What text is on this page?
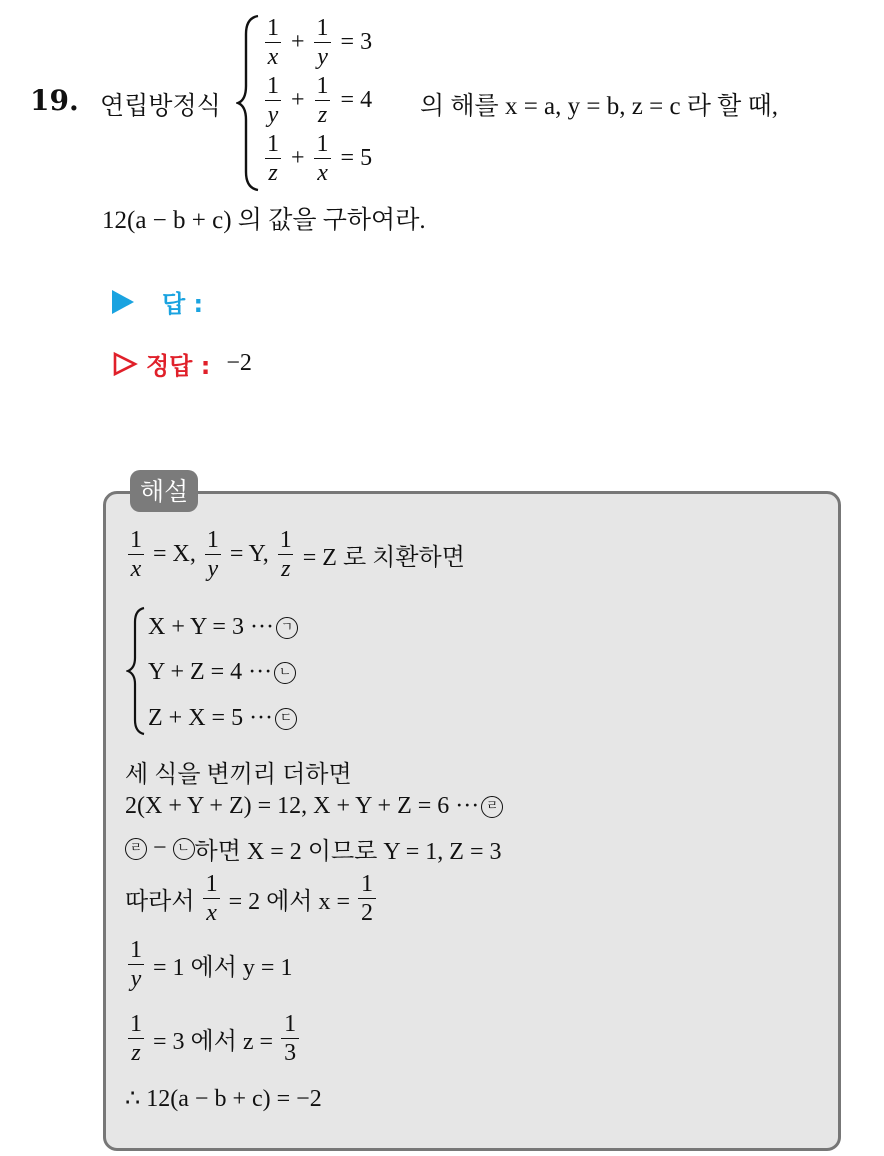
19. 연립방정식
$\frac{1}{x} + \frac{1}{y} = 3$
$\frac{1}{y} + \frac{1}{z} = 4$
$\frac{1}{z} + \frac{1}{x} = 5$
의 해를 x = a, y = b, z = c 라 할 때,
12(a − b + c) 의 값을 구하여라.
답 :
정답 : −2
해설
$\frac{1}{x} = X$, $\frac{1}{y} = Y$, $\frac{1}{z} = Z$ 로 치환하면
X + Y = 3 ··· ㄱ
Y + Z = 4 ··· ㄴ
Z + X = 5 ··· ㄷ
세 식을 변끼리 더하면
2(X + Y + Z) = 12, X + Y + Z = 6 ··· ㄹ
ㄹ − ㄴ 하면 X = 2 이므로 Y = 1, Z = 3
따라서 $\frac{1}{x} = 2$ 에서 $x = \frac{1}{2}$
$\frac{1}{y} = 1$ 에서 y = 1
$\frac{1}{z} = 3$ 에서 $z = \frac{1}{3}$
∴ 12(a − b + c) = −2
